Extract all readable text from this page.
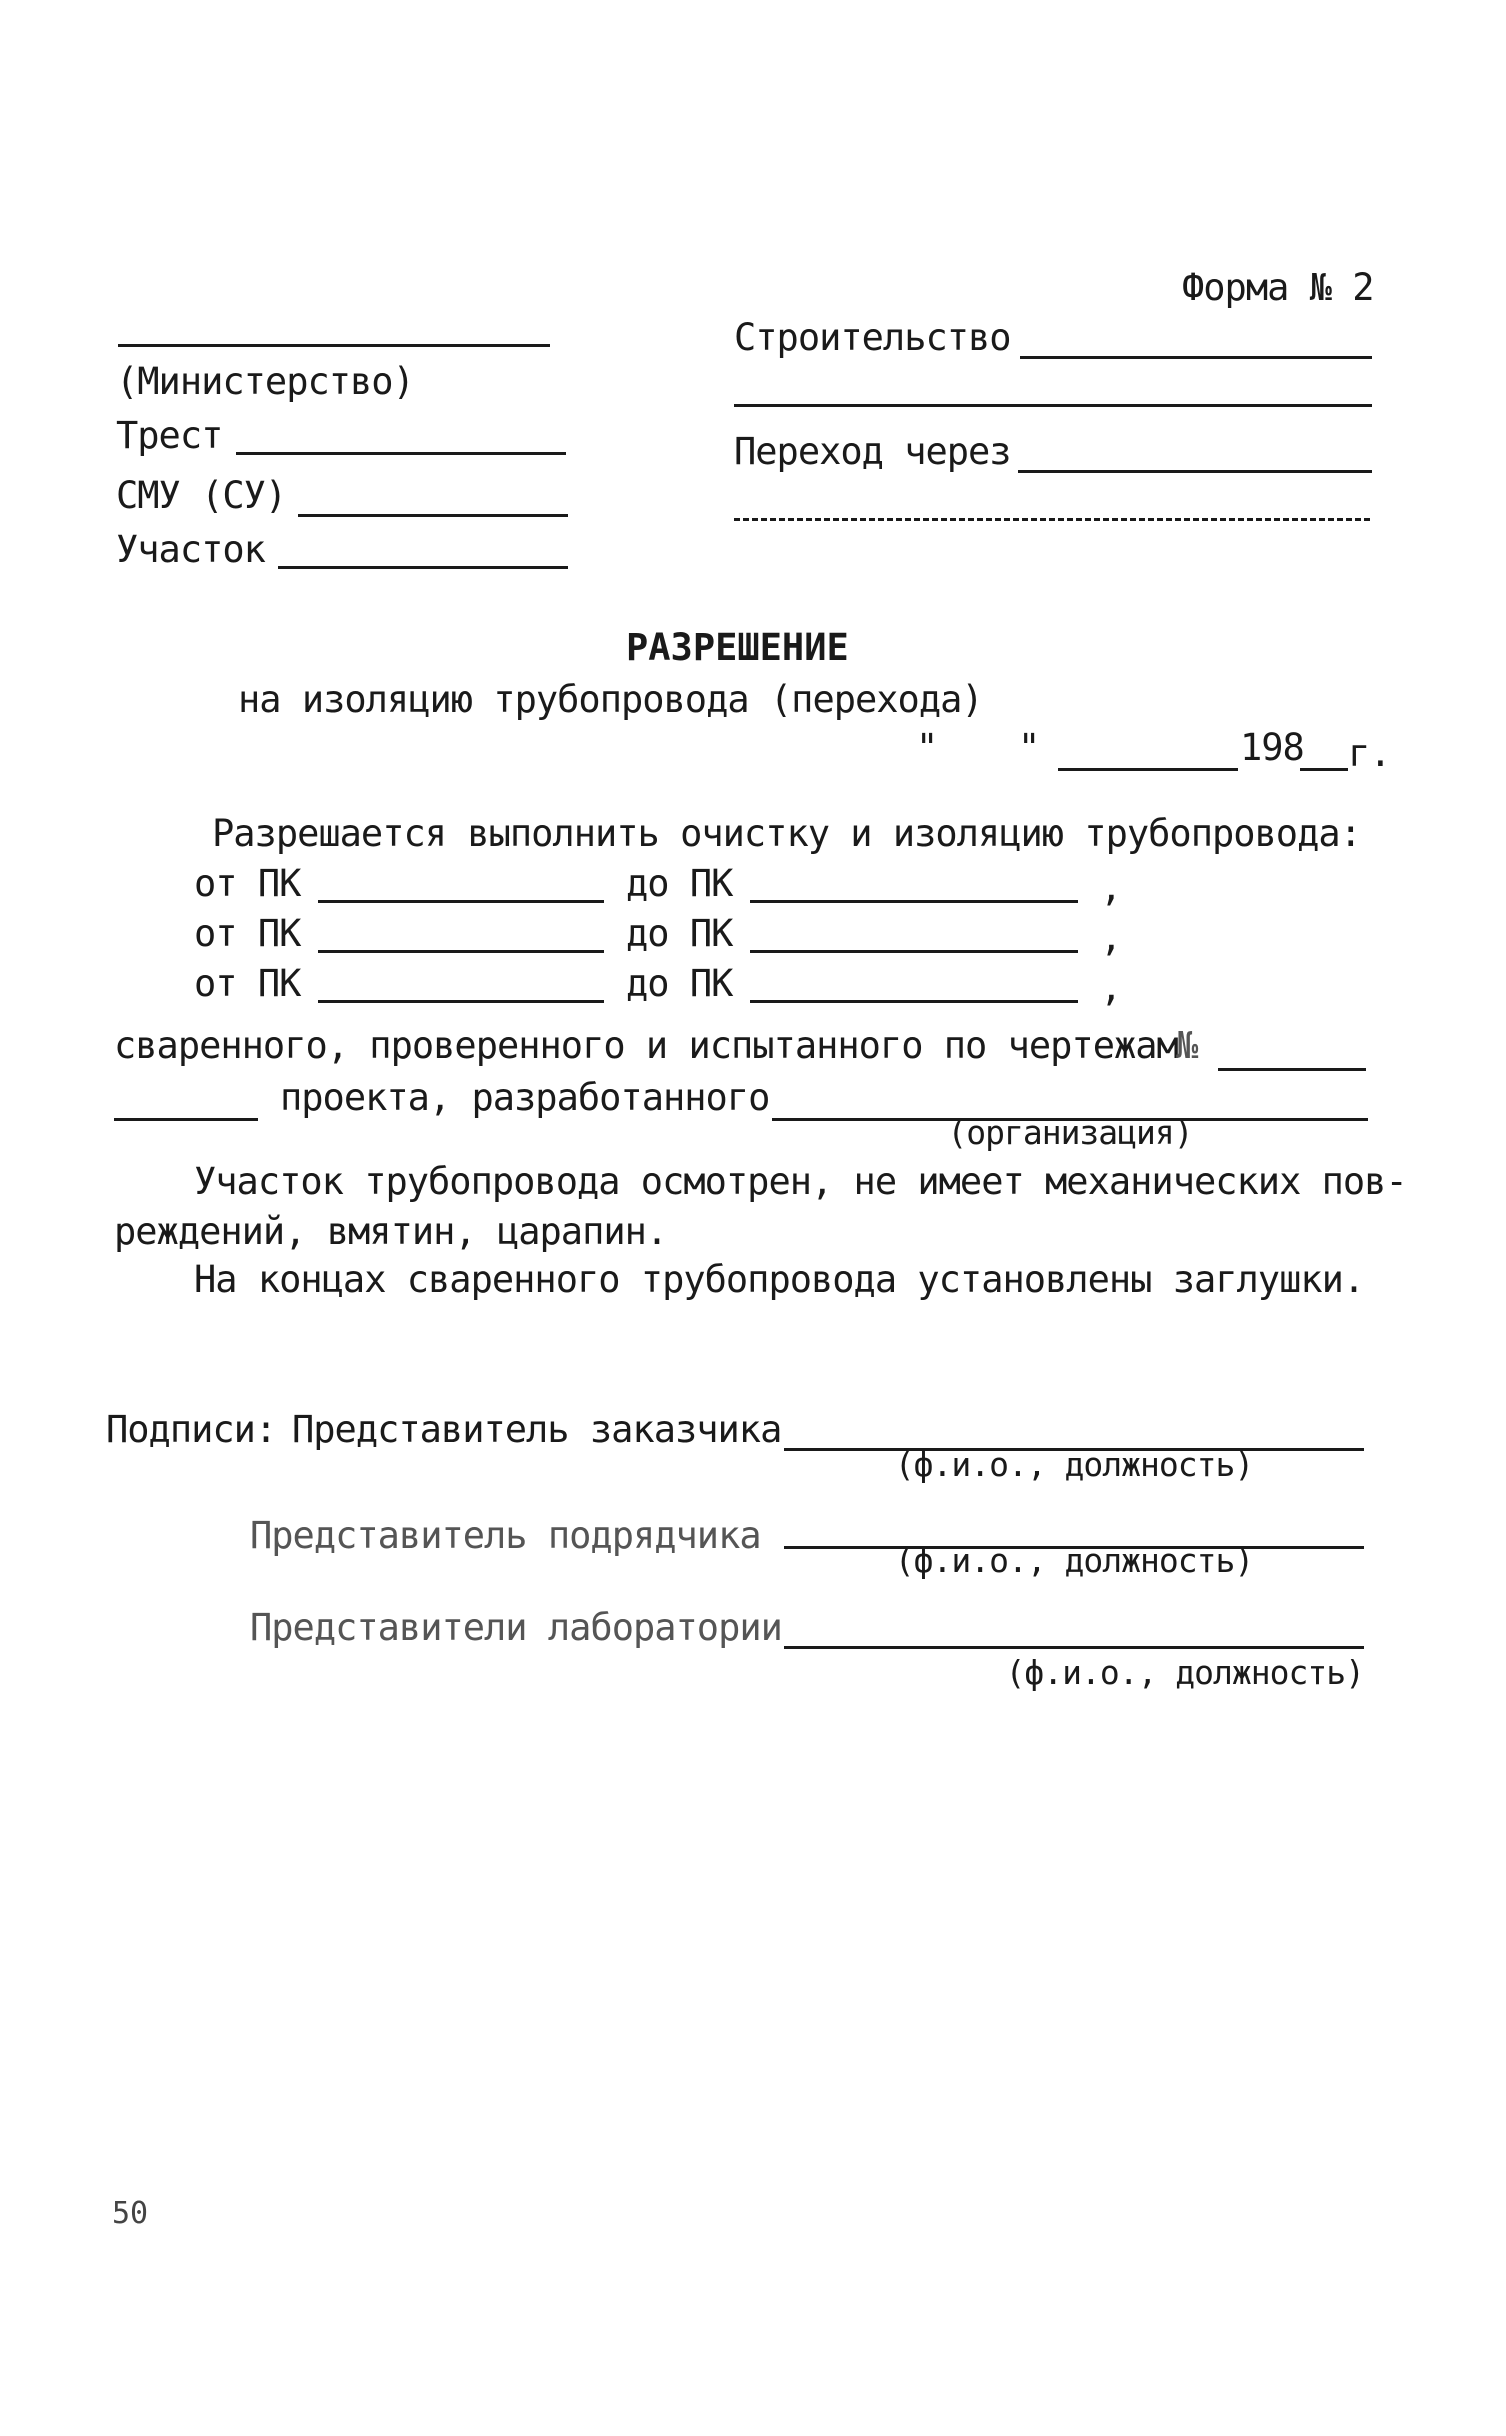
Форма № 2
(Министерство)
Трест
СМУ (СУ)
Участок
Строительство
Переход через
РАЗРЕШЕНИЕ
на изоляцию трубопровода (перехода)
" "	198 г.
Разрешается выполнить очистку и изоляцию трубопровода:
от ПК	до ПК	,
от ПК	до ПК	,
от ПК	до ПК	,
сваренного, проверенного и испытанного по чертежам
№
проекта, разработанного
(организация)
Участок трубопровода осмотрен, не имеет механических пов-
реждений, вмятин, царапин.
На концах сваренного трубопровода установлены заглушки.
Подписи: Представитель заказчика
(ф.и.о., должность)
Представитель подрядчика
(ф.и.о., должность)
Представители лаборатории
(ф.и.о., должность)
50
